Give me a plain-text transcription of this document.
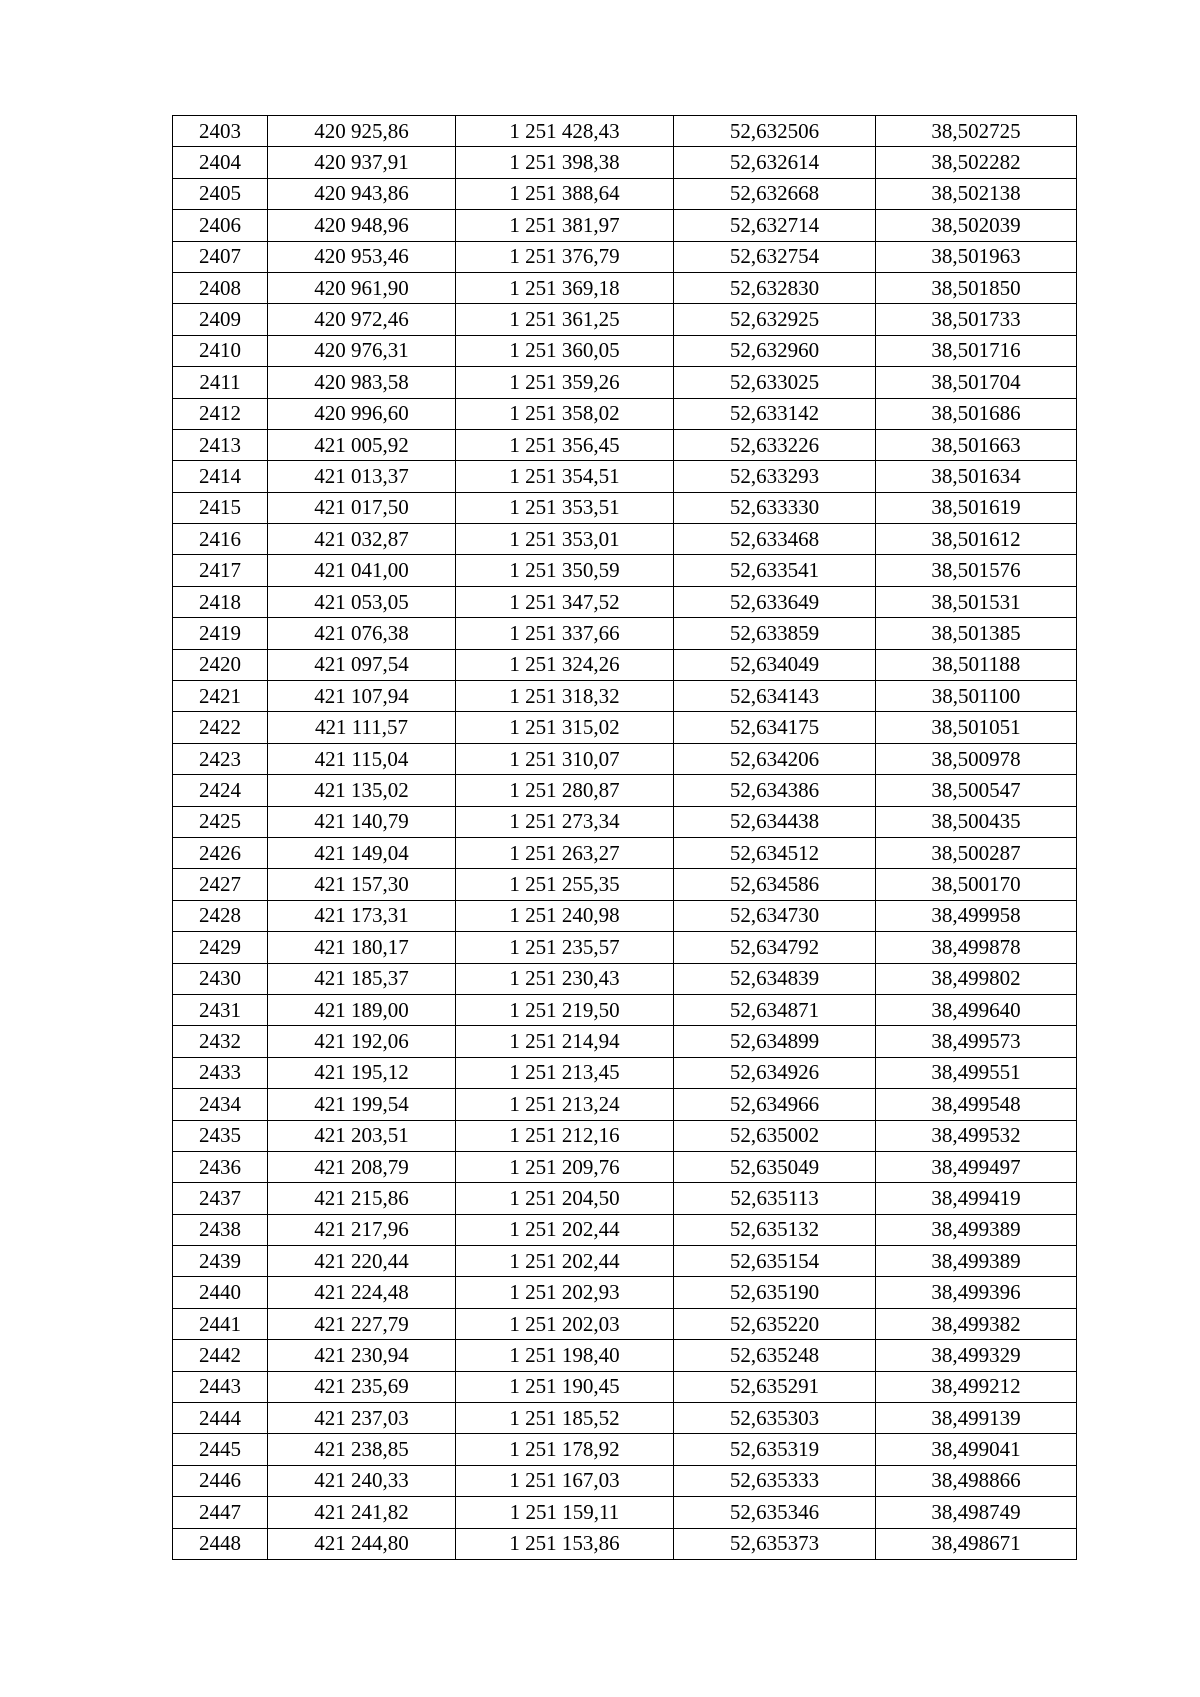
2403	420 925,86	1 251 428,43	52,632506	38,502725
2404	420 937,91	1 251 398,38	52,632614	38,502282
2405	420 943,86	1 251 388,64	52,632668	38,502138
2406	420 948,96	1 251 381,97	52,632714	38,502039
2407	420 953,46	1 251 376,79	52,632754	38,501963
2408	420 961,90	1 251 369,18	52,632830	38,501850
2409	420 972,46	1 251 361,25	52,632925	38,501733
2410	420 976,31	1 251 360,05	52,632960	38,501716
2411	420 983,58	1 251 359,26	52,633025	38,501704
2412	420 996,60	1 251 358,02	52,633142	38,501686
2413	421 005,92	1 251 356,45	52,633226	38,501663
2414	421 013,37	1 251 354,51	52,633293	38,501634
2415	421 017,50	1 251 353,51	52,633330	38,501619
2416	421 032,87	1 251 353,01	52,633468	38,501612
2417	421 041,00	1 251 350,59	52,633541	38,501576
2418	421 053,05	1 251 347,52	52,633649	38,501531
2419	421 076,38	1 251 337,66	52,633859	38,501385
2420	421 097,54	1 251 324,26	52,634049	38,501188
2421	421 107,94	1 251 318,32	52,634143	38,501100
2422	421 111,57	1 251 315,02	52,634175	38,501051
2423	421 115,04	1 251 310,07	52,634206	38,500978
2424	421 135,02	1 251 280,87	52,634386	38,500547
2425	421 140,79	1 251 273,34	52,634438	38,500435
2426	421 149,04	1 251 263,27	52,634512	38,500287
2427	421 157,30	1 251 255,35	52,634586	38,500170
2428	421 173,31	1 251 240,98	52,634730	38,499958
2429	421 180,17	1 251 235,57	52,634792	38,499878
2430	421 185,37	1 251 230,43	52,634839	38,499802
2431	421 189,00	1 251 219,50	52,634871	38,499640
2432	421 192,06	1 251 214,94	52,634899	38,499573
2433	421 195,12	1 251 213,45	52,634926	38,499551
2434	421 199,54	1 251 213,24	52,634966	38,499548
2435	421 203,51	1 251 212,16	52,635002	38,499532
2436	421 208,79	1 251 209,76	52,635049	38,499497
2437	421 215,86	1 251 204,50	52,635113	38,499419
2438	421 217,96	1 251 202,44	52,635132	38,499389
2439	421 220,44	1 251 202,44	52,635154	38,499389
2440	421 224,48	1 251 202,93	52,635190	38,499396
2441	421 227,79	1 251 202,03	52,635220	38,499382
2442	421 230,94	1 251 198,40	52,635248	38,499329
2443	421 235,69	1 251 190,45	52,635291	38,499212
2444	421 237,03	1 251 185,52	52,635303	38,499139
2445	421 238,85	1 251 178,92	52,635319	38,499041
2446	421 240,33	1 251 167,03	52,635333	38,498866
2447	421 241,82	1 251 159,11	52,635346	38,498749
2448	421 244,80	1 251 153,86	52,635373	38,498671
